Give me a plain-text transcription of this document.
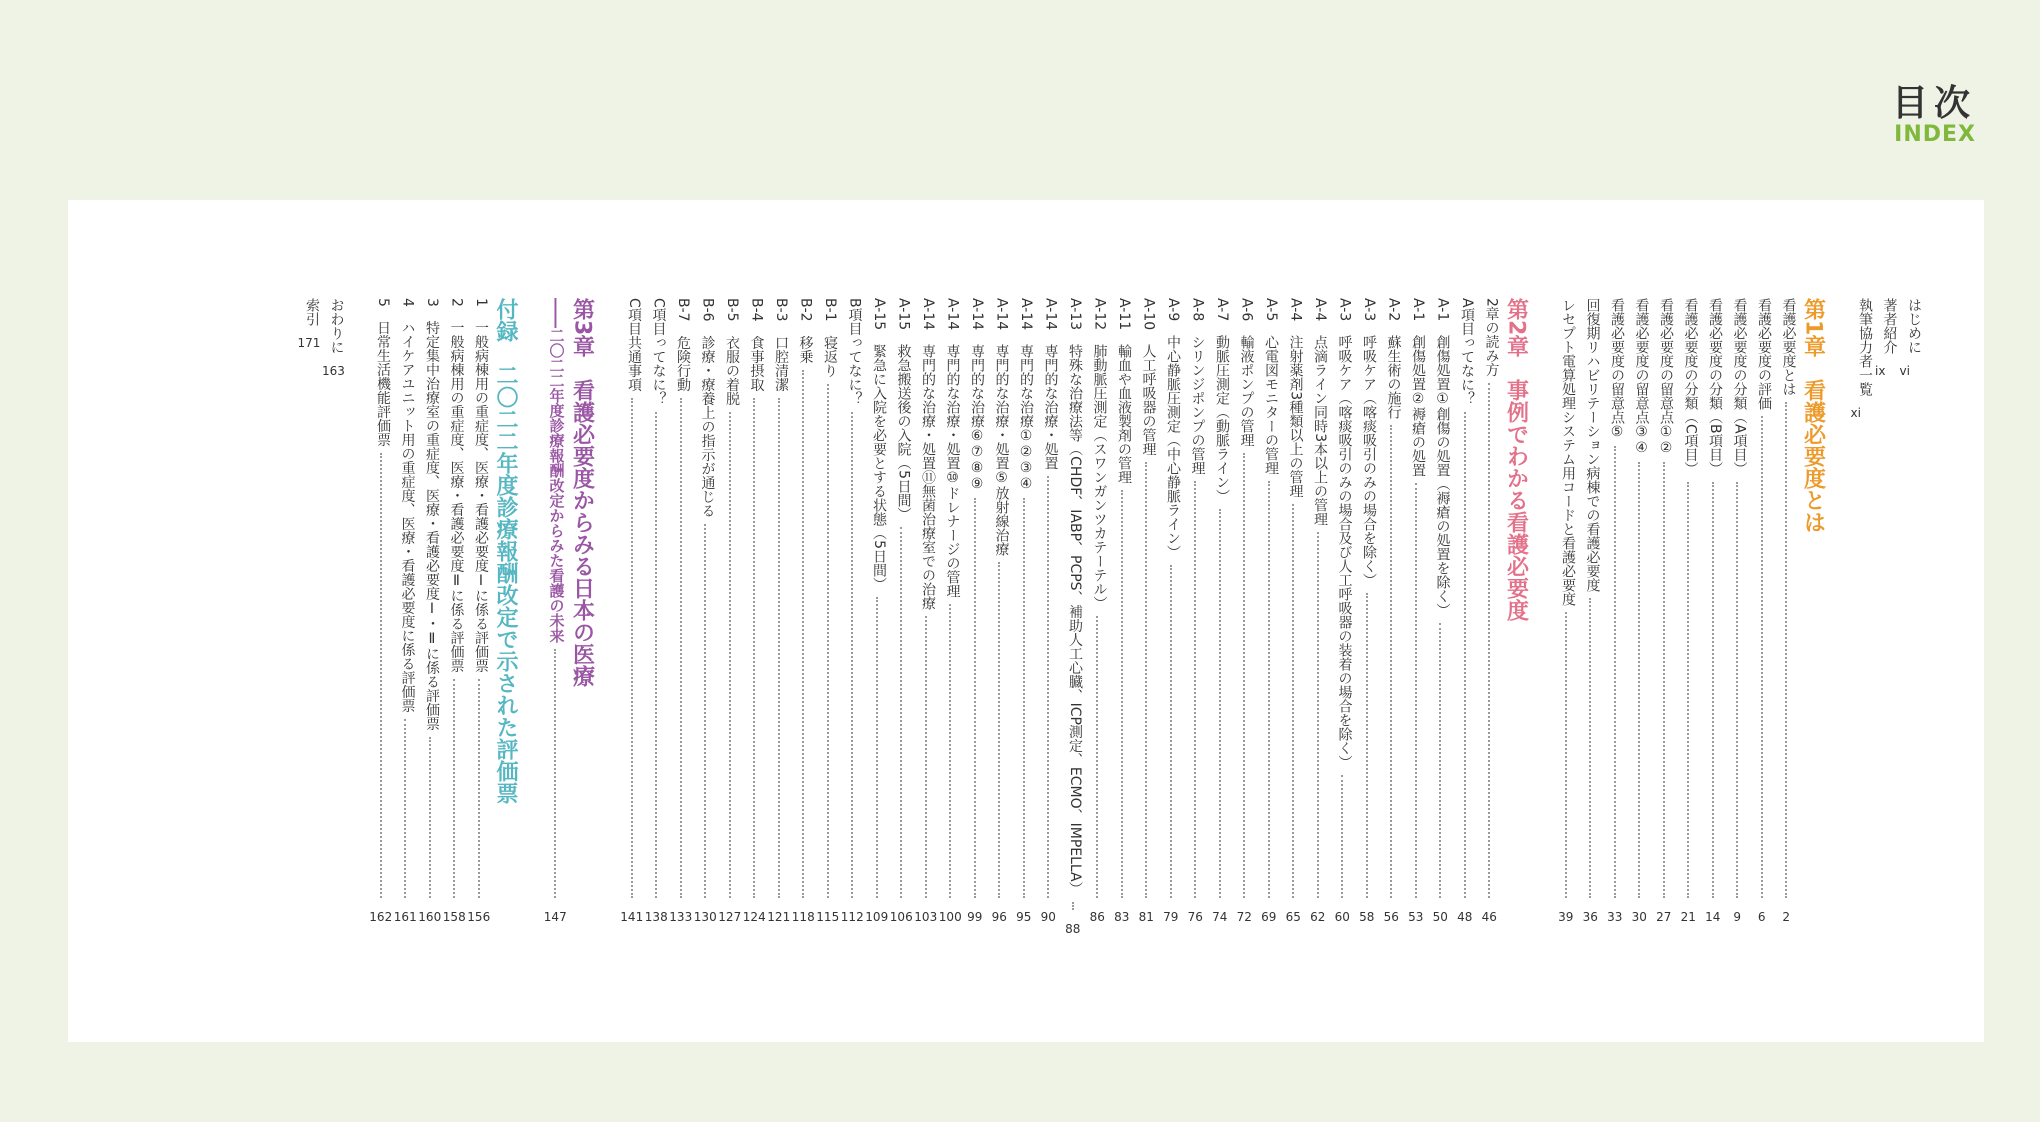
目次
INDEX
はじめに
vi
著者紹介
ix
執筆協力者一覧
xi
第1章　看護必要度とは
看護必要度とは
2
看護必要度の評価
6
看護必要度の分類（A項目）
9
看護必要度の分類（B項目）
14
看護必要度の分類（C項目）
21
看護必要度の留意点①②
27
看護必要度の留意点③④
30
看護必要度の留意点⑤
33
回復期リハビリテーション病棟での看護必要度
36
レセプト電算処理システム用コードと看護必要度
39
第2章　事例でわかる看護必要度
2章の読み方
46
A項目ってなに？
48
A-1　創傷処置①創傷の処置（褥瘡の処置を除く）
50
A-1　創傷処置②褥瘡の処置
53
A-2　蘇生術の施行
56
A-3　呼吸ケア（喀痰吸引のみの場合を除く）
58
A-3　呼吸ケア（喀痰吸引のみの場合及び人工呼吸器の装着の場合を除く）
60
A-4　点滴ライン同時3本以上の管理
62
A-4　注射薬剤3種類以上の管理
65
A-5　心電図モニターの管理
69
A-6　輸液ポンプの管理
72
A-7　動脈圧測定（動脈ライン）
74
A-8　シリンジポンプの管理
76
A-9　中心静脈圧測定（中心静脈ライン）
79
A-10　人工呼吸器の管理
81
A-11　輸血や血液製剤の管理
83
A-12　肺動脈圧測定（スワンガンツカテーテル）
86
A-13　特殊な治療法等（CHDF、IABP、PCPS、補助人工心臓、ICP測定、ECMO、IMPELLA）
88
A-14　専門的な治療・処置
90
A-14　専門的な治療①②③④
95
A-14　専門的な治療・処置⑤放射線治療
96
A-14　専門的な治療⑥⑦⑧⑨
99
A-14　専門的な治療・処置⑩ドレナージの管理
100
A-14　専門的な治療・処置⑪無菌治療室での治療
103
A-15　救急搬送後の入院（5日間）
106
A-15　緊急に入院を必要とする状態（5日間）
109
B項目ってなに？
112
B-1　寝返り
115
B-2　移乗
118
B-3　口腔清潔
121
B-4　食事摂取
124
B-5　衣服の着脱
127
B-6　診療・療養上の指示が通じる
130
B-7　危険行動
133
C項目ってなに？
138
C項目共通事項
141
第3章　看護必要度からみる日本の医療
――二〇二二年度診療報酬改定からみた看護の未来
147
付録　二〇二二年度診療報酬改定で示された評価票
1　一般病棟用の重症度、医療・看護必要度Ⅰに係る評価票
156
2　一般病棟用の重症度、医療・看護必要度Ⅱに係る評価票
158
3　特定集中治療室の重症度、医療・看護必要度Ⅰ・Ⅱに係る評価票
160
4　ハイケアユニット用の重症度、医療・看護必要度に係る評価票
161
5　日常生活機能評価票
162
おわりに
163
索引
171
